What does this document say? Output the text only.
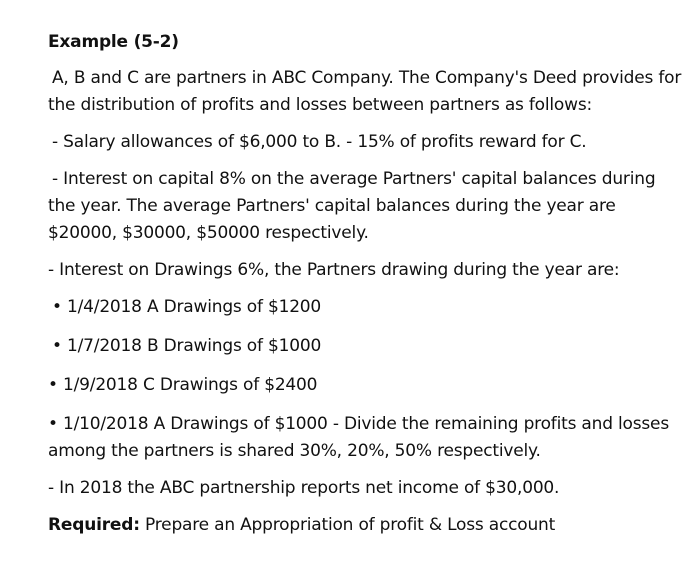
Example (5-2)
A, B and C are partners in ABC Company. The Company's Deed provides for
the distribution of profits and losses between partners as follows:
- Salary allowances of $6,000 to B. - 15% of profits reward for C.
- Interest on capital 8% on the average Partners' capital balances during
the year. The average Partners' capital balances during the year are
$20000, $30000, $50000 respectively.
- Interest on Drawings 6%, the Partners drawing during the year are:
• 1/4/2018 A Drawings of $1200
• 1/7/2018 B Drawings of $1000
• 1/9/2018 C Drawings of $2400
• 1/10/2018 A Drawings of $1000 - Divide the remaining profits and losses
among the partners is shared 30%, 20%, 50% respectively.
- In 2018 the ABC partnership reports net income of $30,000.
Required: Prepare an Appropriation of profit & Loss account
